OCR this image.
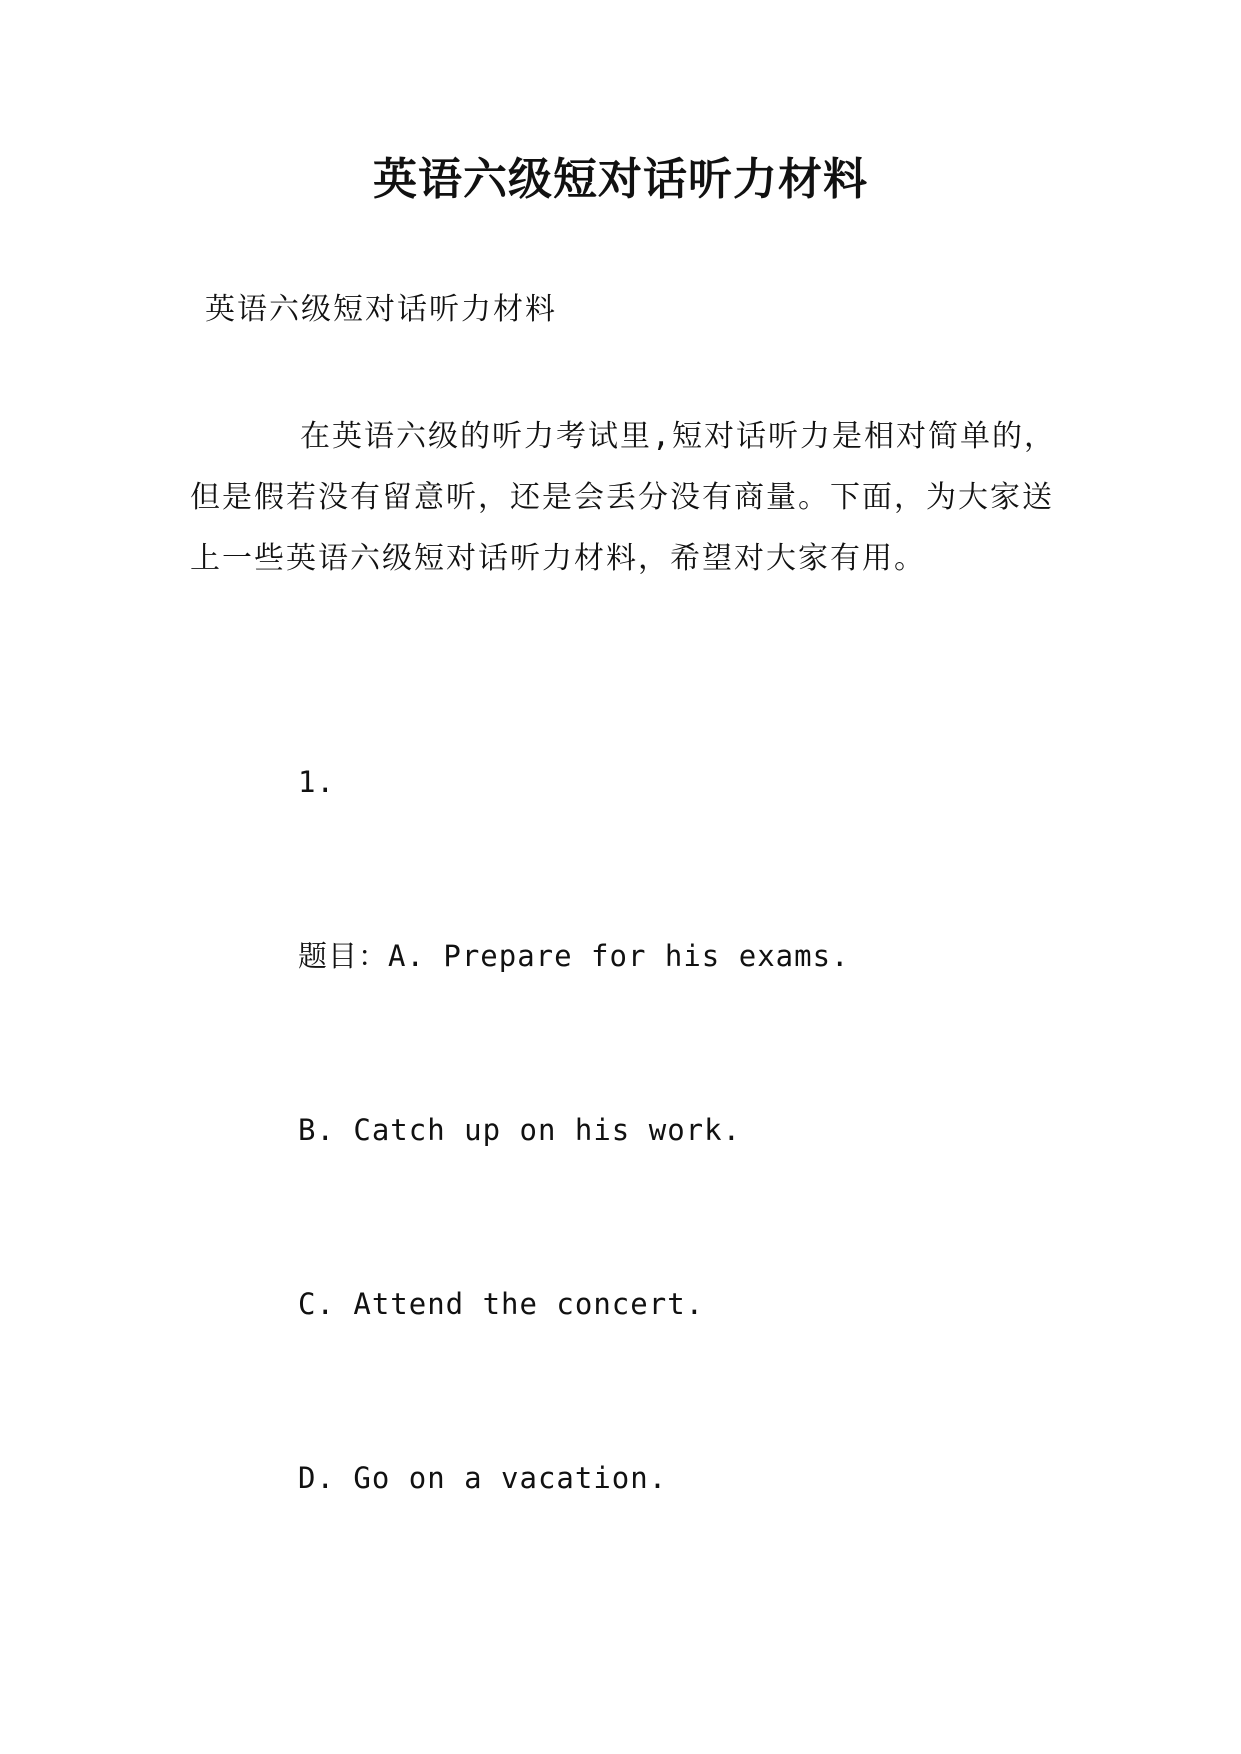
英语六级短对话听力材料
英语六级短对话听力材料

在英语六级的听力考试里,短对话听力是相对简单的，但是假若没有留意听，还是会丢分没有商量。下面，为大家送上一些英语六级短对话听力材料，希望对大家有用。

1.
题目：A. Prepare for his exams.
B. Catch up on his work.
C. Attend the concert.
D. Go on a vacation.
